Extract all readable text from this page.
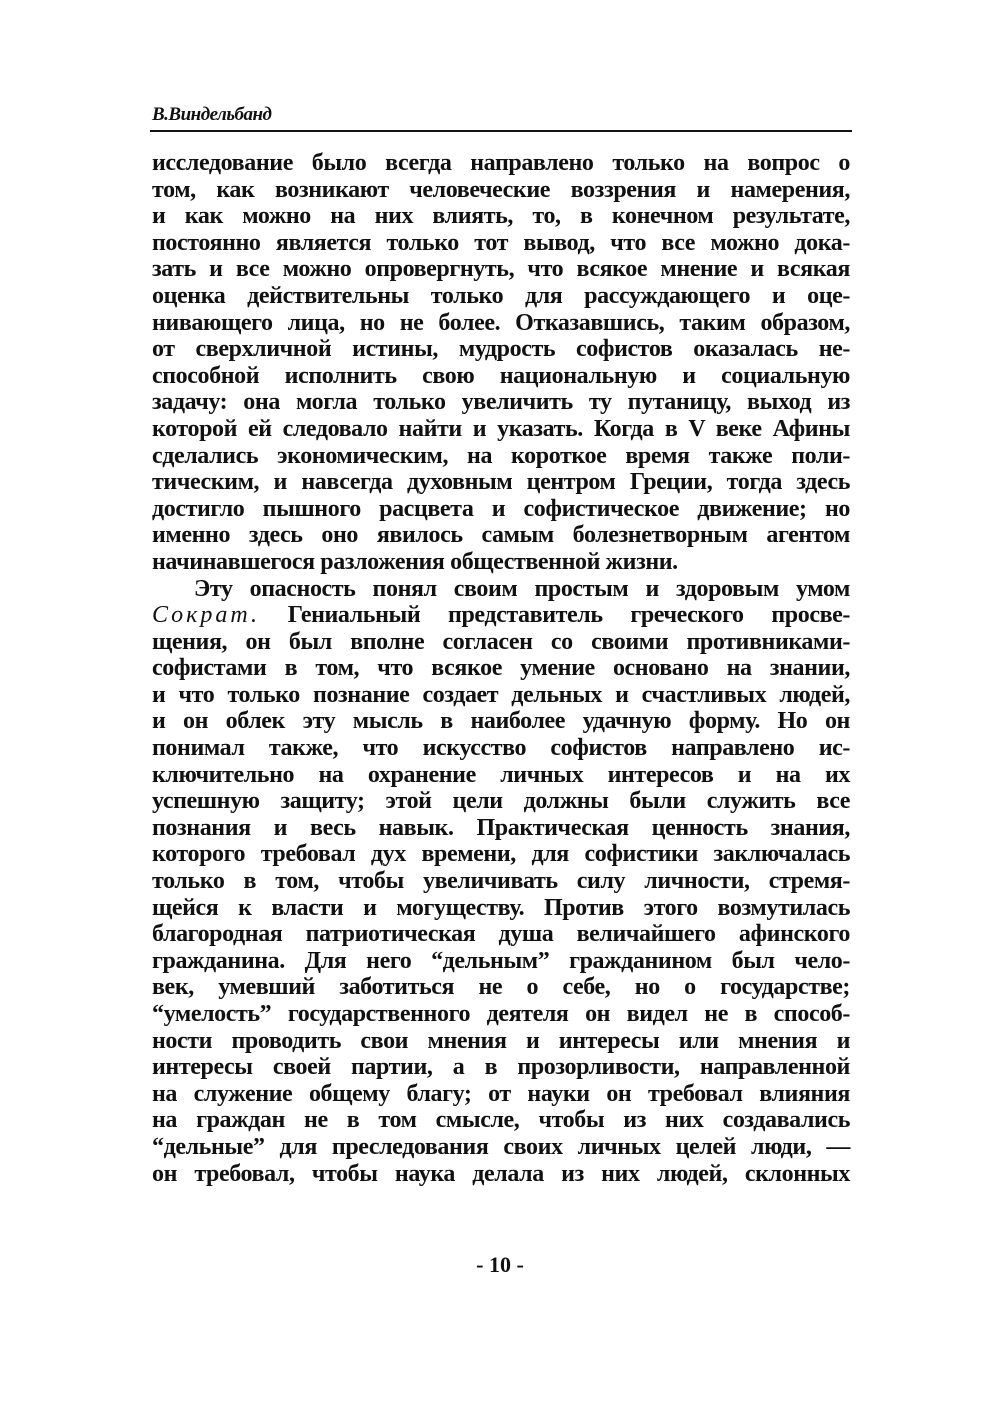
В.Виндельбанд
исследование было всегда направлено только на вопрос о
том, как возникают человеческие воззрения и намерения,
и как можно на них влиять, то, в конечном результате,
постоянно является только тот вывод, что все можно дока-
зать и все можно опровергнуть, что всякое мнение и всякая
оценка действительны только для рассуждающего и оце-
нивающего лица, но не более. Отказавшись, таким образом,
от сверхличной истины, мудрость софистов оказалась не-
способной исполнить свою национальную и социальную
задачу: она могла только увеличить ту путаницу, выход из
которой ей следовало найти и указать. Когда в V веке Афины
сделались экономическим, на короткое время также поли-
тическим, и навсегда духовным центром Греции, тогда здесь
достигло пышного расцвета и софистическое движение; но
именно здесь оно явилось самым болезнетворным агентом
начинавшегося разложения общественной жизни.
Эту опасность понял своим простым и здоровым умом
Сократ. Гениальный представитель греческого просве-
щения, он был вполне согласен со своими противниками-
софистами в том, что всякое умение основано на знании,
и что только познание создает дельных и счастливых людей,
и он облек эту мысль в наиболее удачную форму. Но он
понимал также, что искусство софистов направлено ис-
ключительно на охранение личных интересов и на их
успешную защиту; этой цели должны были служить все
познания и весь навык. Практическая ценность знания,
которого требовал дух времени, для софистики заключалась
только в том, чтобы увеличивать силу личности, стремя-
щейся к власти и могуществу. Против этого возмутилась
благородная патриотическая душа величайшего афинского
гражданина. Для него “дельным” гражданином был чело-
век, умевший заботиться не о себе, но о государстве;
“умелость” государственного деятеля он видел не в способ-
ности проводить свои мнения и интересы или мнения и
интересы своей партии, а в прозорливости, направленной
на служение общему благу; от науки он требовал влияния
на граждан не в том смысле, чтобы из них создавались
“дельные” для преследования своих личных целей люди, —
он требовал, чтобы наука делала из них людей, склонных
- 10 -
